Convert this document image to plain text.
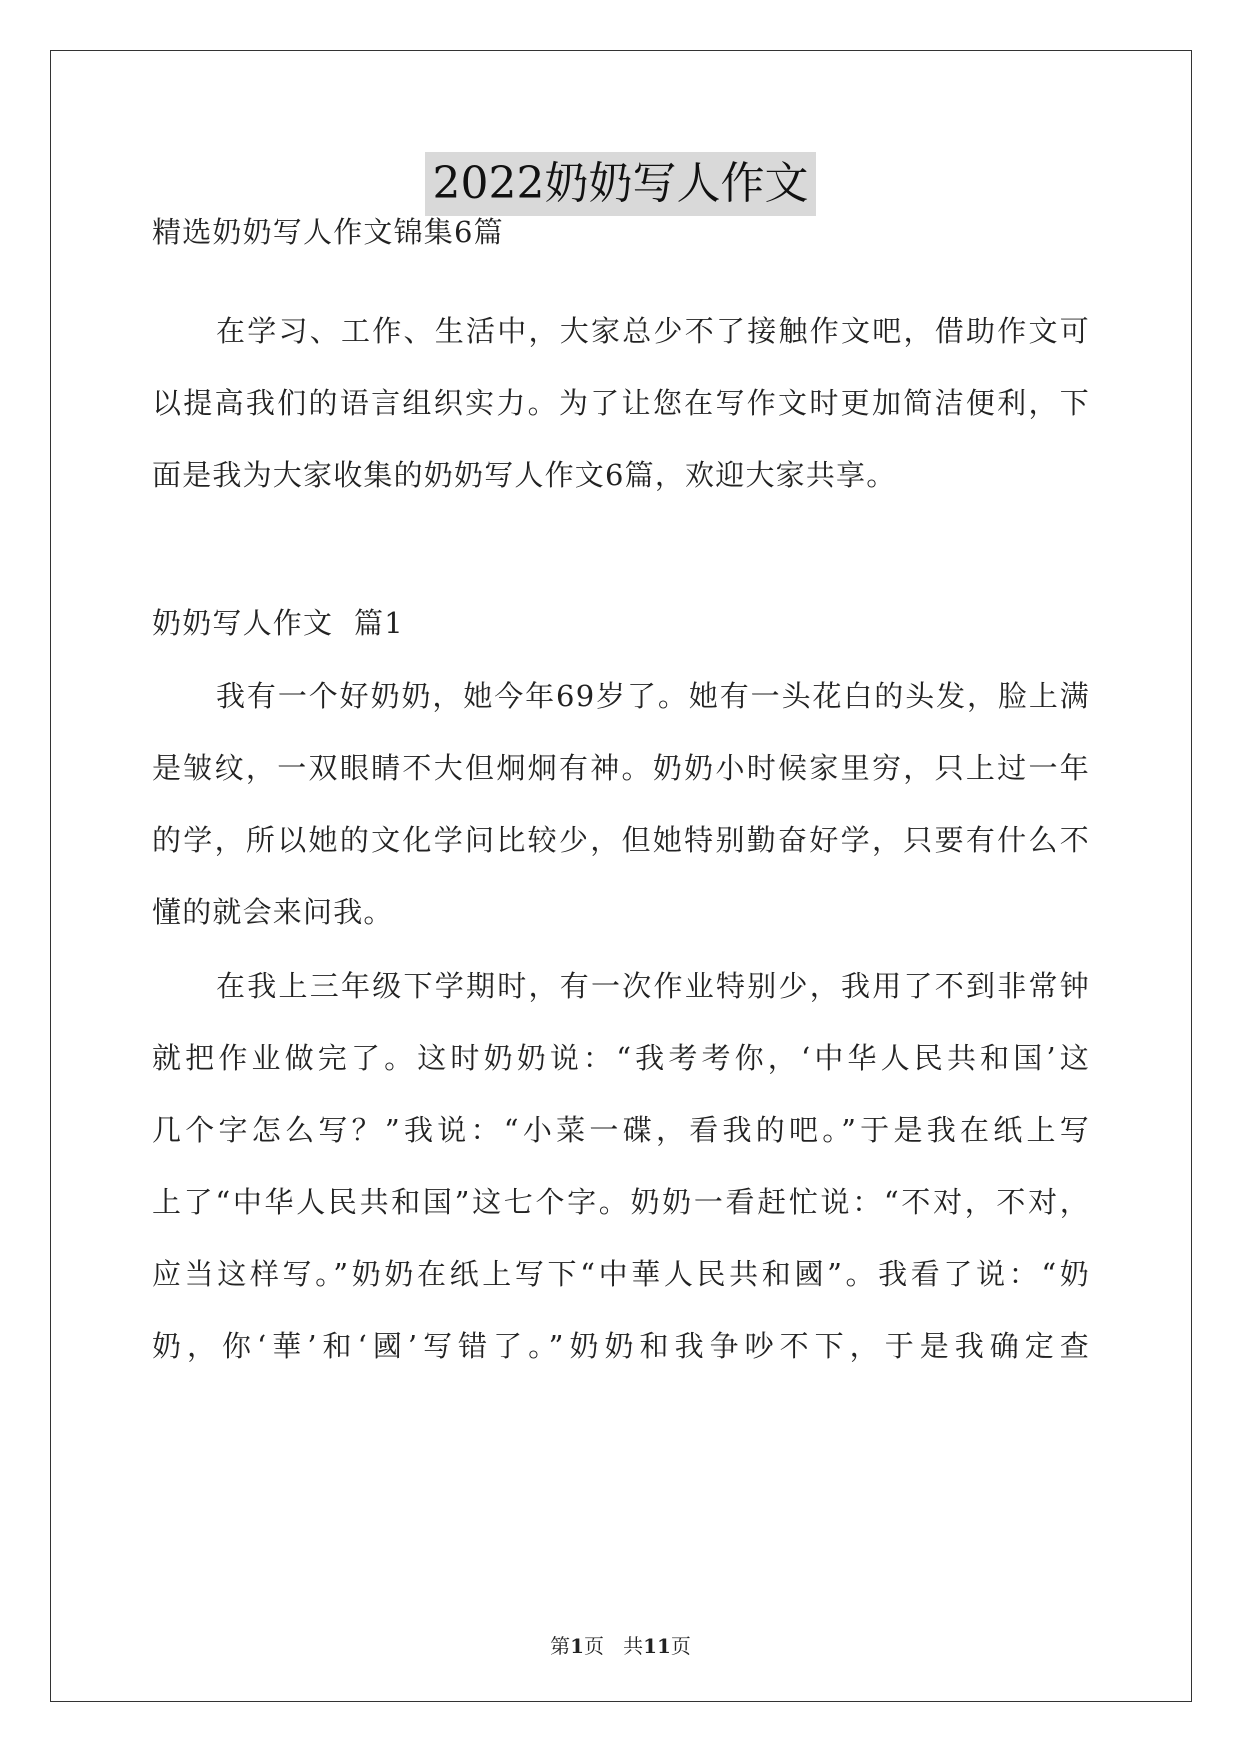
2022奶奶写人作文
精选奶奶写人作文锦集6篇
在学习、工作、生活中，大家总少不了接触作文吧，借助作文可
以提高我们的语言组织实力。为了让您在写作文时更加简洁便利，下
面是我为大家收集的奶奶写人作文6篇，欢迎大家共享。
奶奶写人作文  篇1
我有一个好奶奶，她今年69岁了。她有一头花白的头发，脸上满
是皱纹，一双眼睛不大但炯炯有神。奶奶小时候家里穷，只上过一年
的学，所以她的文化学问比较少，但她特别勤奋好学，只要有什么不
懂的就会来问我。
在我上三年级下学期时，有一次作业特别少，我用了不到非常钟
就把作业做完了。这时奶奶说：“我考考你，‘中华人民共和国’这
几个字怎么写？”我说：“小菜一碟，看我的吧。”于是我在纸上写
上了“中华人民共和国”这七个字。奶奶一看赶忙说：“不对，不对，
应当这样写。”奶奶在纸上写下“中華人民共和國”。我看了说：“奶
奶，你‘華’和‘國’写错了。”奶奶和我争吵不下，于是我确定查
第1页   共11页
